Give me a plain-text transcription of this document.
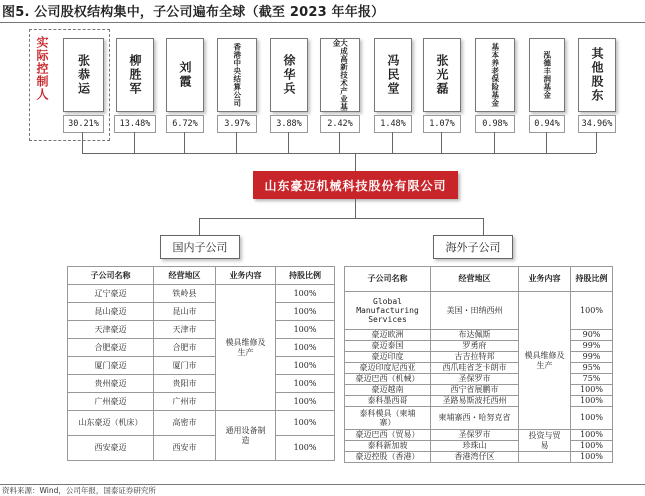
图5. 公司股权结构集中，子公司遍布全球（截至 2023 年年报）
实际控制人 张恭运	柳胜军	刘霞	香港中央结算公司	徐华兵	大成高新技术产业基金
冯民堂	张光磊	基本养老保险基金	泓德丰润基金	其他股东
30.21%	13.48%	6.72%	3.97%	3.88%	2.42%	1.48%	1.07%	0.98%	0.94%	34.96%
山东豪迈机械科技股份有限公司
国内子公司	海外子公司
子公司名称	经营地区	业务内容	持股比例
辽宁豪迈	铁岭县	模具维修及生产	100%
昆山豪迈	昆山市		100%
天津豪迈	天津市		100%
合肥豪迈	合肥市		100%
厦门豪迈	厦门市		100%
贵州豪迈	贵阳市		100%
广州豪迈	广州市		100%
山东豪迈（机床）	高密市	通用设备制造	100%
西安豪迈	西安市		100%
子公司名称	经营地区	业务内容	持股比例
Global Manufacturing Services	美国・田纳西州	模具维修及生产	100%
豪迈欧洲	布达佩斯		90%
豪迈泰国	罗勇府		99%
豪迈印度	古吉拉特邦		99%
豪迈印度尼西亚	西爪哇省芝卡朗市		95%
豪迈巴西（机械）	圣保罗市		75%
豪迈越南	西宁省展鹏市		100%
泰科墨西哥	圣路易斯波托西州		100%
泰科模具（柬埔寨）	柬埔寨西・哈努克省		100%
豪迈巴西（贸易）	圣保罗市	投资与贸易	100%
泰科新加坡	珍珠山		100%
豪迈控股（香港）	香港湾仔区		100%
资料来源：Wind，公司年报，国泰证券研究所
